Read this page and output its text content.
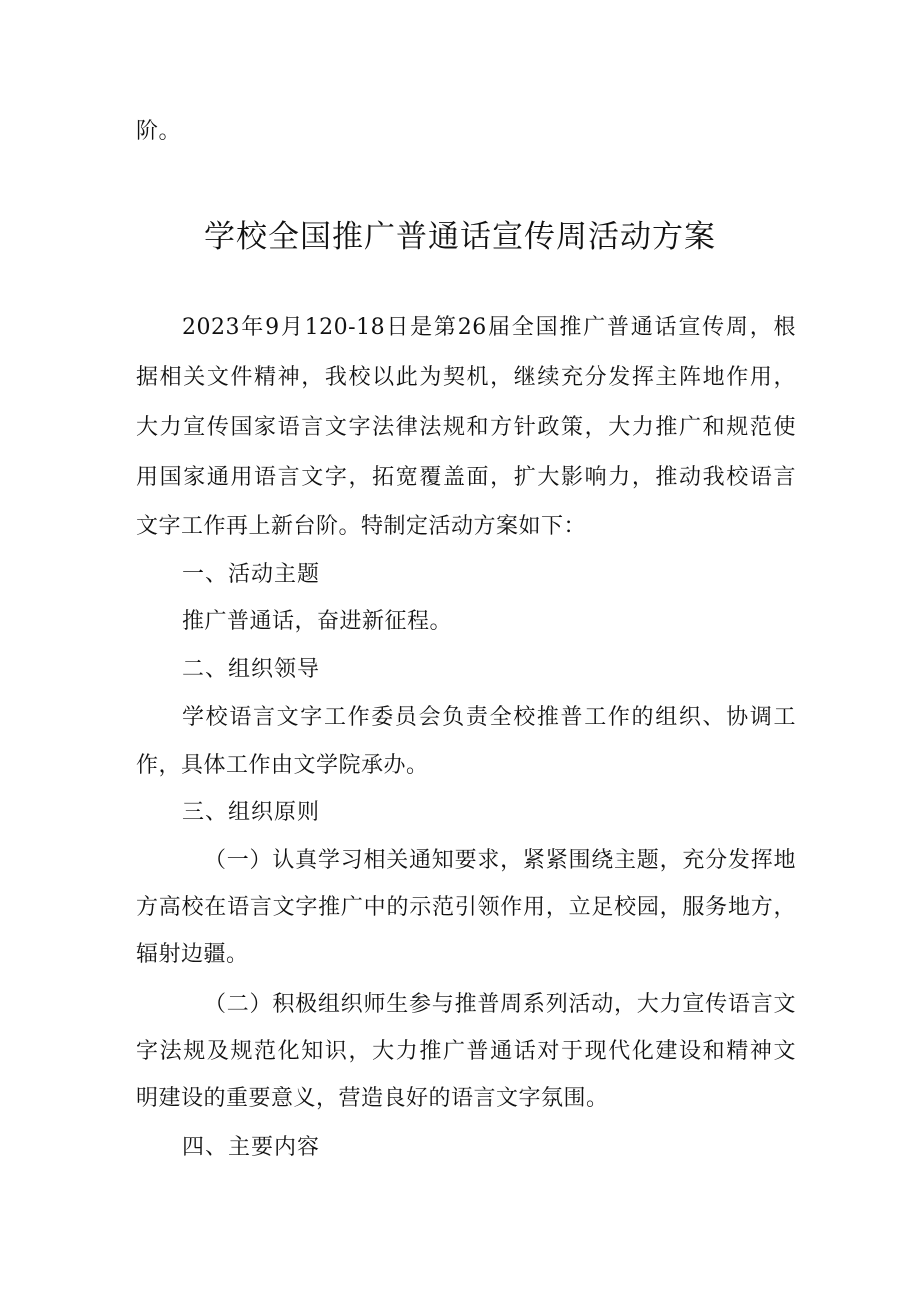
阶。
学校全国推广普通话宣传周活动方案
2023年9月120-18日是第26届全国推广普通话宣传周，根
据相关文件精神，我校以此为契机，继续充分发挥主阵地作用，
大力宣传国家语言文字法律法规和方针政策，大力推广和规范使
用国家通用语言文字，拓宽覆盖面，扩大影响力，推动我校语言
文字工作再上新台阶。特制定活动方案如下：
一、活动主题
推广普通话，奋进新征程。
二、组织领导
学校语言文字工作委员会负责全校推普工作的组织、协调工
作，具体工作由文学院承办。
三、组织原则
（一）认真学习相关通知要求，紧紧围绕主题，充分发挥地
方高校在语言文字推广中的示范引领作用，立足校园，服务地方，
辐射边疆。
（二）积极组织师生参与推普周系列活动，大力宣传语言文
字法规及规范化知识，大力推广普通话对于现代化建设和精神文
明建设的重要意义，营造良好的语言文字氛围。
四、主要内容
